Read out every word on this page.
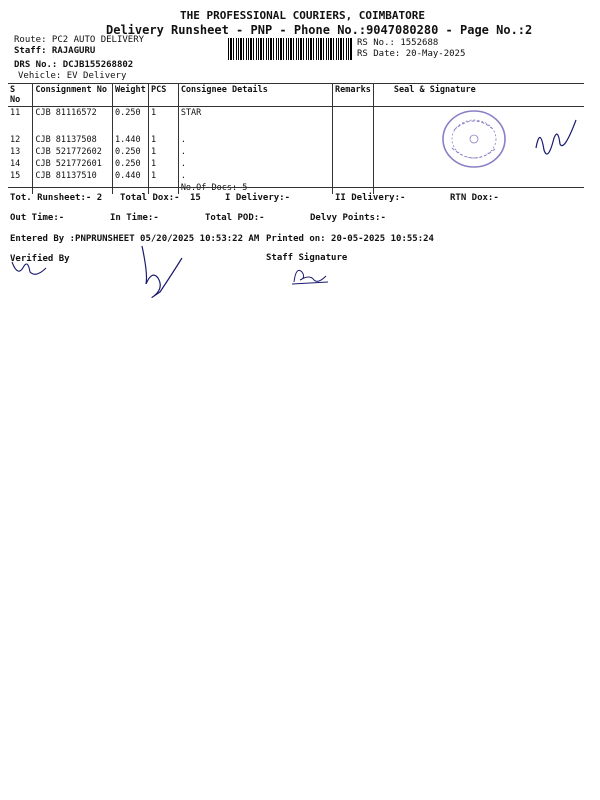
THE PROFESSIONAL COURIERS, COIMBATORE
Delivery Runsheet - PNP - Phone No.:9047080280 - Page No.:2
Route: PC2 AUTO DELIVERY
Staff: RAJAGURU
DRS No.: DCJB155268802
Vehicle: EV Delivery
RS No.: 1552688
RS Date: 20-May-2025
S No	Consignment No	Weight	PCS	Consignee Details	Remarks	Seal & Signature
11	CJB 81116572	0.250	1	STAR		
12	CJB 81137508	1.440	1	.		
13	CJB 521772602	0.250	1	.		
14	CJB 521772601	0.250	1	.		
15	CJB 81137510	0.440	1	.		
				No.Of Docs: 5		
Tot. Runsheet:- 2 Total Dox:- 15	I Delivery:-	II Delivery:-	RTN Dox:-
Out Time:-	In Time:-	Total POD:-	Delvy Points:-
Entered By :PNPRUNSHEET 05/20/2025 10:53:22 AM Printed on: 20-05-2025 10:55:24
Verified By	Staff Signature
